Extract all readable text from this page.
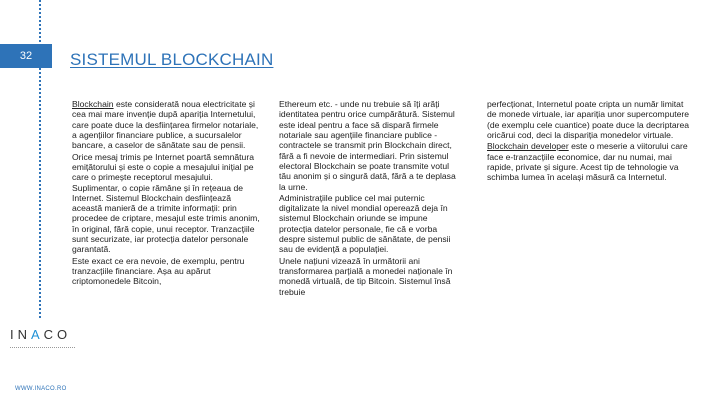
32	SISTEMUL BLOCKCHAIN

Blockchain este considerată noua electricitate și cea mai mare invenție după apariția Internetului, care poate duce la desființarea firmelor notariale, a agențiilor financiare publice, a sucursalelor bancare, a caselor de sănătate sau de pensii.

Orice mesaj trimis pe Internet poartă semnătura emițătorului și este o copie a mesajului inițial pe care o primește receptorul mesajului. Suplimentar, o copie rămâne și în rețeaua de Internet. Sistemul Blockchain desființează această manieră de a trimite informații: prin procedee de criptare, mesajul este trimis anonim, în original, fără copie, unui receptor. Tranzacțiile sunt securizate, iar protecția datelor personale garantată.

Este exact ce era nevoie, de exemplu, pentru tranzacțiile financiare. Așa au apărut criptomonedele Bitcoin,

Ethereum etc. - unde nu trebuie să îți arăți identitatea pentru orice cumpărătură. Sistemul este ideal pentru a face să dispară firmele notariale sau agențiile financiare publice - contractele se transmit prin Blockchain direct, fără a fi nevoie de intermediari. Prin sistemul electoral Blockchain se poate transmite votul tău anonim și o singură dată, fără a te deplasa la urne.

Administrațiile publice cel mai puternic digitalizate la nivel mondial operează deja în sistemul Blockchain oriunde se impune protecția datelor personale, fie că e vorba despre sistemul public de sănătate, de pensii sau de evidență a populației.

Unele națiuni vizează în următorii ani transformarea parțială a monedei naționale în monedă virtuală, de tip Bitcoin. Sistemul însă trebuie

perfecționat, Internetul poate cripta un număr limitat de monede virtuale, iar apariția unor supercomputere (de exemplu cele cuantice) poate duce la decriptarea oricărui cod, deci la dispariția monedelor virtuale.

Blockchain developer este o meserie a viitorului care face e-tranzacțiile economice, dar nu numai, mai rapide, private și sigure. Acest tip de tehnologie va schimba lumea în același măsură ca Internetul.

INACO
WWW.INACO.RO
